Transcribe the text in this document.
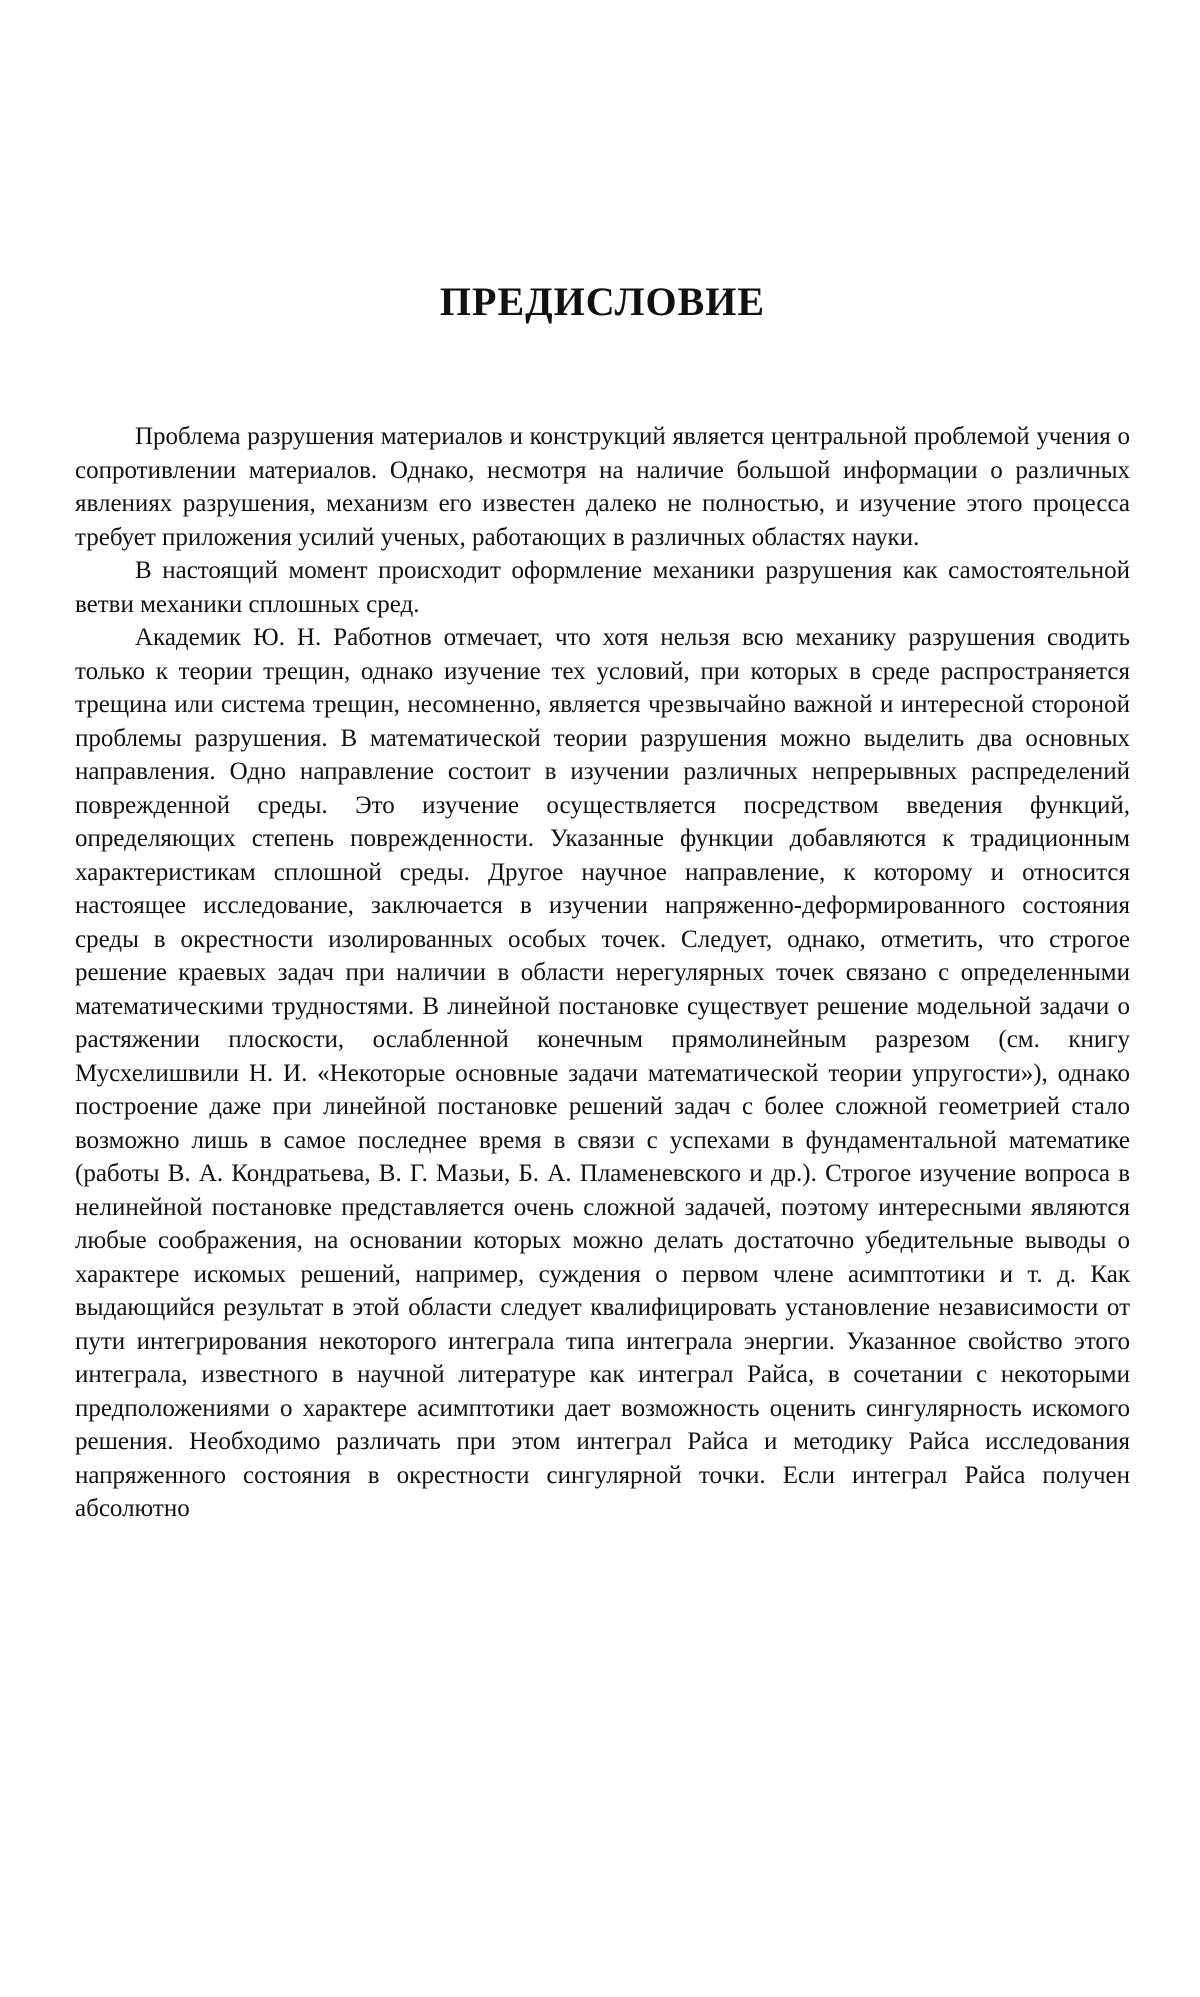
ПРЕДИСЛОВИЕ

Проблема разрушения материалов и конструкций является центральной проблемой учения о сопротивлении материалов. Однако, несмотря на наличие большой информации о различных явлениях разрушения, механизм его известен далеко не полностью, и изучение этого процесса требует приложения усилий ученых, работающих в различных областях науки.

В настоящий момент происходит оформление механики разрушения как самостоятельной ветви механики сплошных сред.

Академик Ю. Н. Работнов отмечает, что хотя нельзя всю механику разрушения сводить только к теории трещин, однако изучение тех условий, при которых в среде распространяется трещина или система трещин, несомненно, является чрезвычайно важной и интересной стороной проблемы разрушения. В математической теории разрушения можно выделить два основных направления. Одно направление состоит в изучении различных непрерывных распределений поврежденной среды. Это изучение осуществляется посредством введения функций, определяющих степень поврежденности. Указанные функции добавляются к традиционным характеристикам сплошной среды. Другое научное направление, к которому и относится настоящее исследование, заключается в изучении напряженно-деформированного состояния среды в окрестности изолированных особых точек. Следует, однако, отметить, что строгое решение краевых задач при наличии в области нерегулярных точек связано с определенными математическими трудностями. В линейной постановке существует решение модельной задачи о растяжении плоскости, ослабленной конечным прямолинейным разрезом (см. книгу Мусхелишвили Н. И. «Некоторые основные задачи математической теории упругости»), однако построение даже при линейной постановке решений задач с более сложной геометрией стало возможно лишь в самое последнее время в связи с успехами в фундаментальной математике (работы В. А. Кондратьева, В. Г. Мазьи, Б. А. Пламеневского и др.). Строгое изучение вопроса в нелинейной постановке представляется очень сложной задачей, поэтому интересными являются любые соображения, на основании которых можно делать достаточно убедительные выводы о характере искомых решений, например, суждения о первом члене асимптотики и т. д. Как выдающийся результат в этой области следует квалифицировать установление независимости от пути интегрирования некоторого интеграла типа интеграла энергии. Указанное свойство этого интеграла, известного в научной литературе как интеграл Райса, в сочетании с некоторыми предположениями о характере асимптотики дает возможность оценить сингулярность искомого решения. Необходимо различать при этом интеграл Райса и методику Райса исследования напряженного состояния в окрестности сингулярной точки. Если интеграл Райса получен абсолютно
